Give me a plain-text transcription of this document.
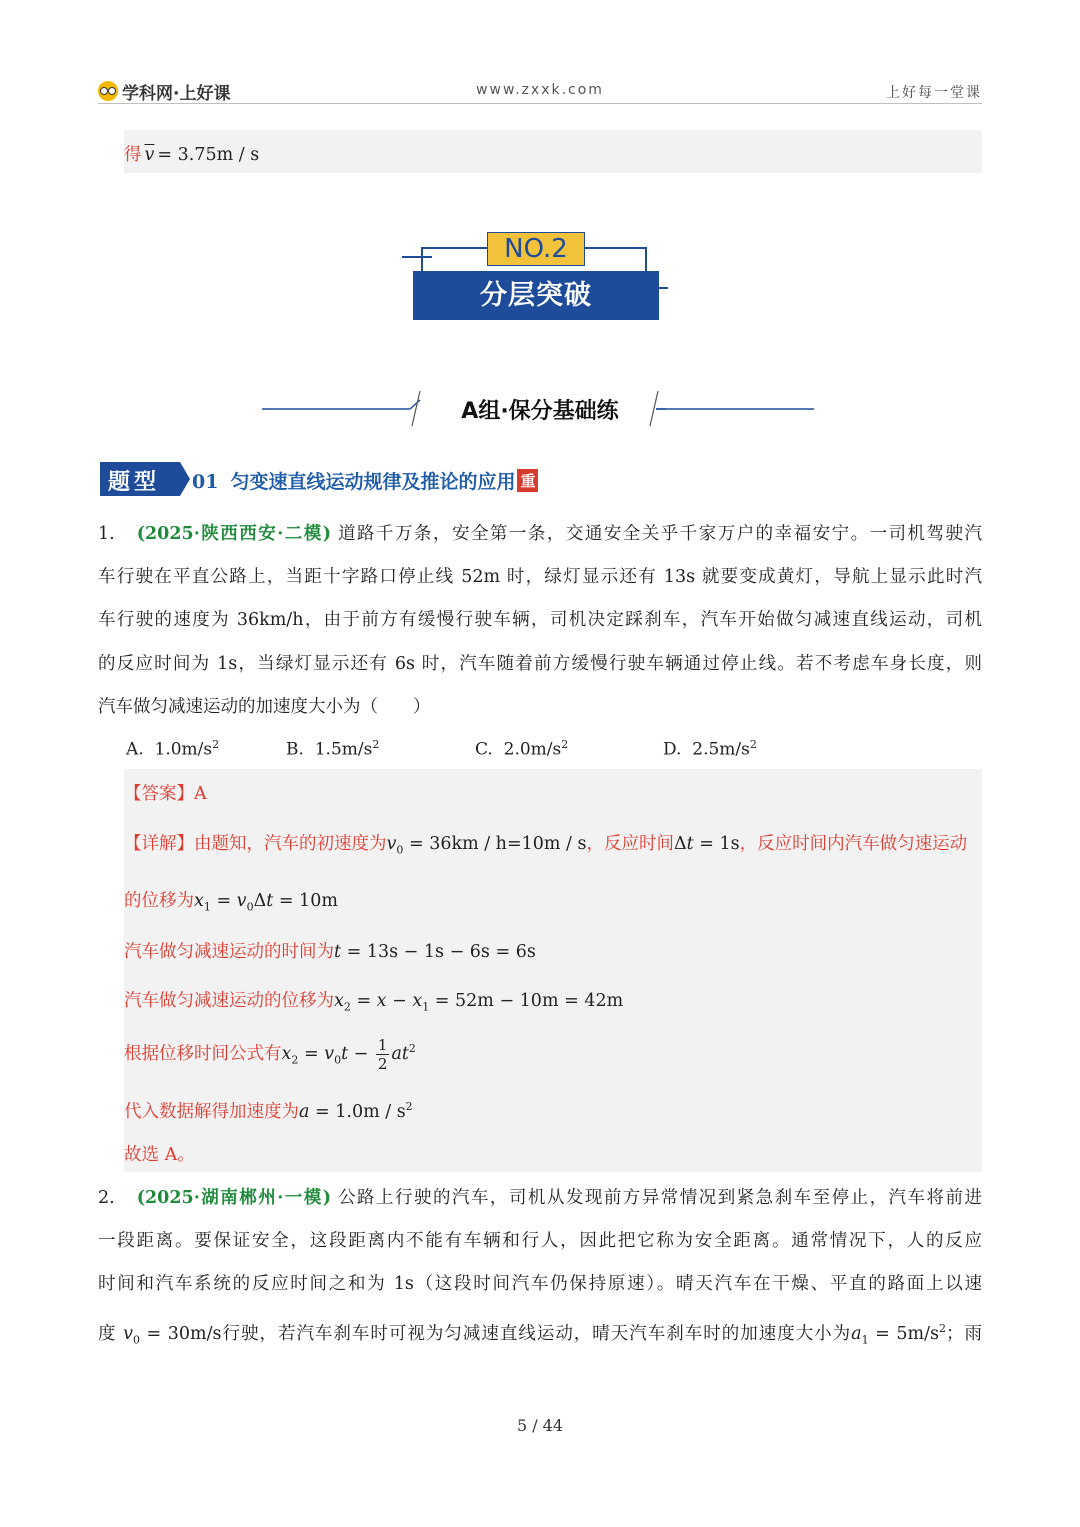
学科网·上好课	www.zxxk.com	上好每一堂课
得 $\overline{v} = 3.75m / s$
NO.2
分层突破
A组·保分基础练
题型 01 匀变速直线运动规律及推论的应用 重
1. (2025·陕西西安·二模) 道路千万条，安全第一条，交通安全关乎千家万户的幸福安宁。一司机驾驶汽
车行驶在平直公路上，当距十字路口停止线 52m 时，绿灯显示还有 13s 就要变成黄灯，导航上显示此时汽
车行驶的速度为 36km/h，由于前方有缓慢行驶车辆，司机决定踩刹车，汽车开始做匀减速直线运动，司机
的反应时间为 1s，当绿灯显示还有 6s 时，汽车随着前方缓慢行驶车辆通过停止线。若不考虑车身长度，则
汽车做匀减速运动的加速度大小为（　　）
A. $1.0m/s^2$	B. $1.5m/s^2$	C. $2.0m/s^2$	D. $2.5m/s^2$
【答案】A
【详解】由题知，汽车的初速度为$v_0 = 36km / h=10m / s$，反应时间Δt = 1s，反应时间内汽车做匀速运动
的位移为$x_1 = v_0\Delta t = 10m$
汽车做匀减速运动的时间为t = 13s − 1s − 6s = 6s
汽车做匀减速运动的位移为$x_2 = x - x_1 = 52m - 10m = 42m$
根据位移时间公式有$x_2 = v_0t - \frac{1}{2} at^2$
代入数据解得加速度为$a = 1.0m / s^2$
故选 A。
2. (2025·湖南郴州·一模) 公路上行驶的汽车，司机从发现前方异常情况到紧急刹车至停止，汽车将前进
一段距离。要保证安全，这段距离内不能有车辆和行人，因此把它称为安全距离。通常情况下，人的反应
时间和汽车系统的反应时间之和为 1s（这段时间汽车仍保持原速）。晴天汽车在干燥、平直的路面上以速
度 $v_0 = 30m/s$行驶，若汽车刹车时可视为匀减速直线运动，晴天汽车刹车时的加速度大小为$a_1 = 5m/s^2$；雨
5 / 44
